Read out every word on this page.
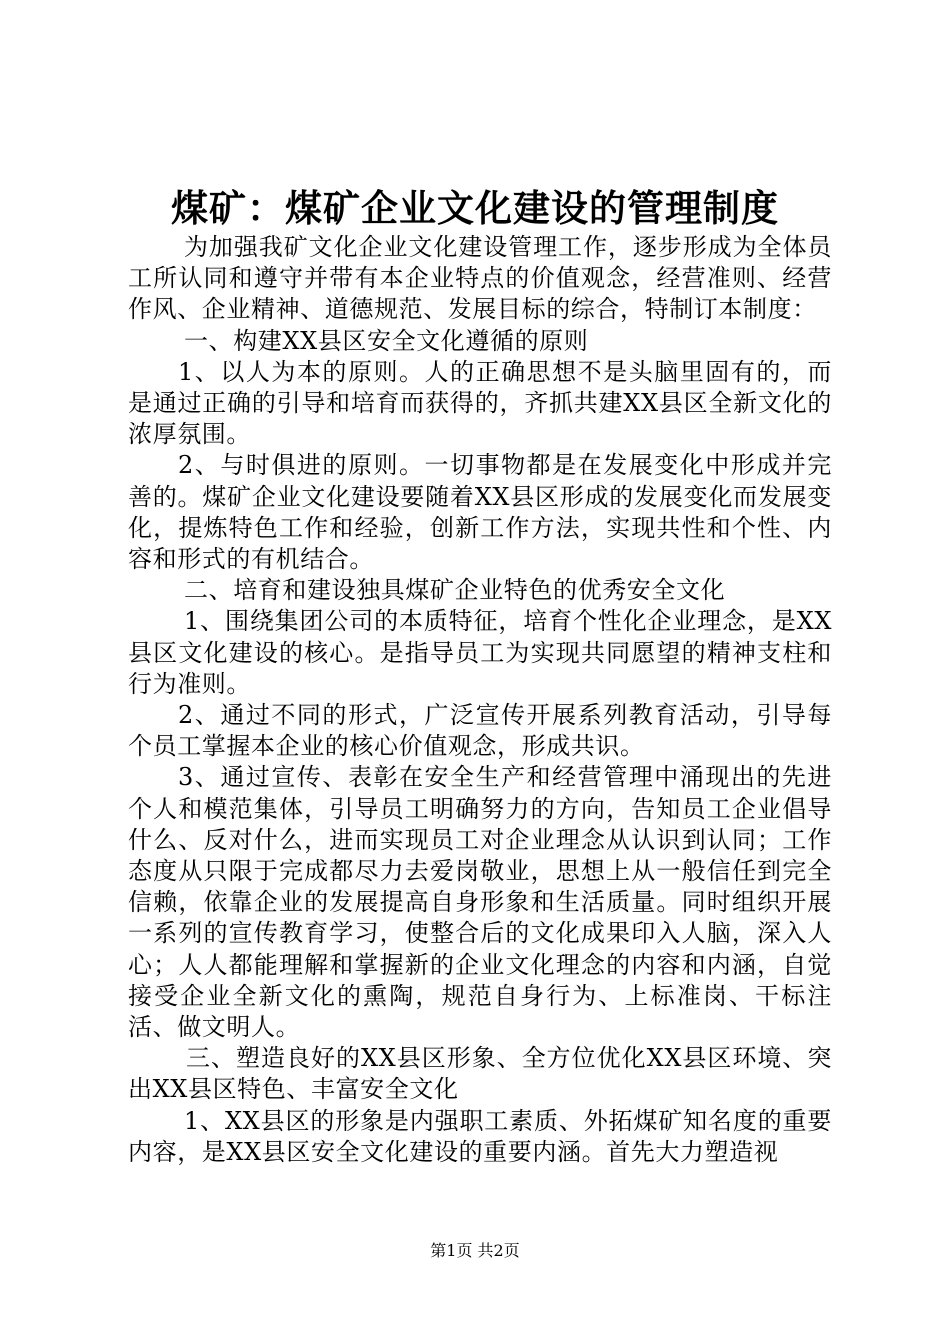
煤矿：煤矿企业文化建设的管理制度

为加强我矿文化企业文化建设管理工作，逐步形成为全体员工所认同和遵守并带有本企业特点的价值观念，经营准则、经营作风、企业精神、道德规范、发展目标的综合，特制订本制度：

一、构建XX县区安全文化遵循的原则

1、以人为本的原则。人的正确思想不是头脑里固有的，而是通过正确的引导和培育而获得的，齐抓共建XX县区全新文化的浓厚氛围。

2、与时俱进的原则。一切事物都是在发展变化中形成并完善的。煤矿企业文化建设要随着XX县区形成的发展变化而发展变化，提炼特色工作和经验，创新工作方法，实现共性和个性、内容和形式的有机结合。

二、培育和建设独具煤矿企业特色的优秀安全文化

1、围绕集团公司的本质特征，培育个性化企业理念，是XX县区文化建设的核心。是指导员工为实现共同愿望的精神支柱和行为准则。

2、通过不同的形式，广泛宣传开展系列教育活动，引导每个员工掌握本企业的核心价值观念，形成共识。

3、通过宣传、表彰在安全生产和经营管理中涌现出的先进个人和模范集体，引导员工明确努力的方向，告知员工企业倡导什么、反对什么，进而实现员工对企业理念从认识到认同；工作态度从只限于完成都尽力去爱岗敬业，思想上从一般信任到完全信赖，依靠企业的发展提高自身形象和生活质量。同时组织开展一系列的宣传教育学习，使整合后的文化成果印入人脑，深入人心；人人都能理解和掌握新的企业文化理念的内容和内涵，自觉接受企业全新文化的熏陶，规范自身行为、上标准岗、干标注活、做文明人。

三、塑造良好的XX县区形象、全方位优化XX县区环境、突出XX县区特色、丰富安全文化

1、XX县区的形象是内强职工素质、外拓煤矿知名度的重要内容，是XX县区安全文化建设的重要内涵。首先大力塑造视

第1页 共2页
